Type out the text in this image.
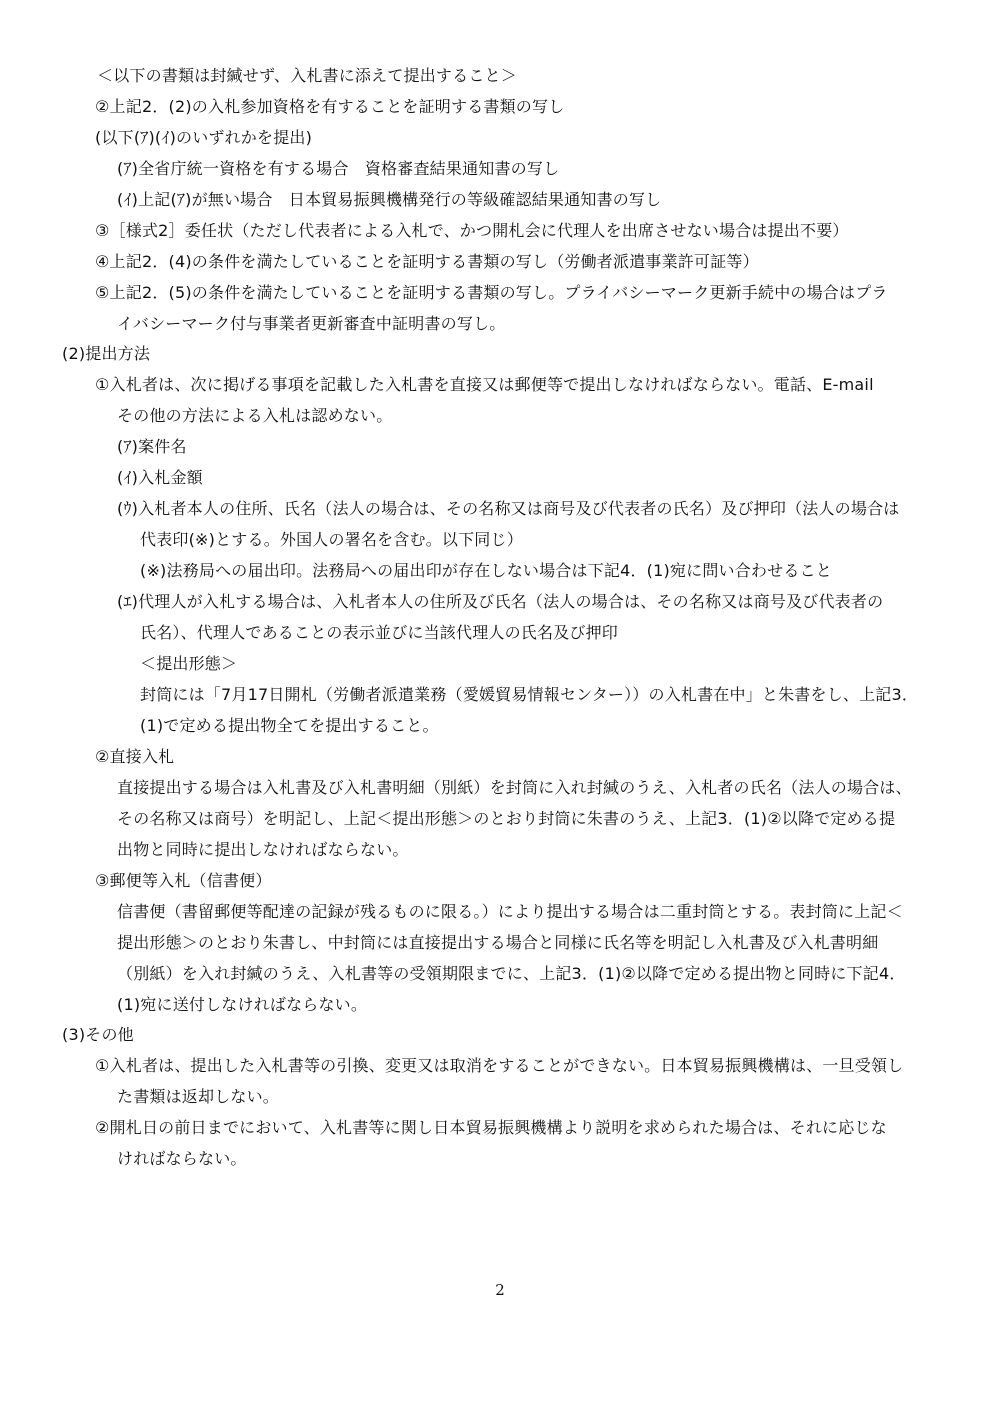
＜以下の書類は封緘せず、入札書に添えて提出すること＞
②上記2．(2)の入札参加資格を有することを証明する書類の写し
(以下(ｱ)(ｲ)のいずれかを提出)
(ｱ)全省庁統一資格を有する場合　資格審査結果通知書の写し
(ｲ)上記(ｱ)が無い場合　日本貿易振興機構発行の等級確認結果通知書の写し
③［様式2］委任状（ただし代表者による入札で、かつ開札会に代理人を出席させない場合は提出不要）
④上記2．(4)の条件を満たしていることを証明する書類の写し（労働者派遣事業許可証等）
⑤上記2．(5)の条件を満たしていることを証明する書類の写し。プライバシーマーク更新手続中の場合はプラ
イバシーマーク付与事業者更新審査中証明書の写し。
(2)提出方法
①入札者は、次に掲げる事項を記載した入札書を直接又は郵便等で提出しなければならない。電話、E-mail
その他の方法による入札は認めない。
(ｱ)案件名
(ｲ)入札金額
(ｳ)入札者本人の住所、氏名（法人の場合は、その名称又は商号及び代表者の氏名）及び押印（法人の場合は
代表印(※)とする。外国人の署名を含む。以下同じ）
(※)法務局への届出印。法務局への届出印が存在しない場合は下記4．(1)宛に問い合わせること
(ｴ)代理人が入札する場合は、入札者本人の住所及び氏名（法人の場合は、その名称又は商号及び代表者の
氏名）、代理人であることの表示並びに当該代理人の氏名及び押印
＜提出形態＞
封筒には「7月17日開札（労働者派遣業務（愛媛貿易情報センター））の入札書在中」と朱書をし、上記3．
(1)で定める提出物全てを提出すること。
②直接入札
直接提出する場合は入札書及び入札書明細（別紙）を封筒に入れ封緘のうえ、入札者の氏名（法人の場合は、
その名称又は商号）を明記し、上記＜提出形態＞のとおり封筒に朱書のうえ、上記3．(1)②以降で定める提
出物と同時に提出しなければならない。
③郵便等入札（信書便）
信書便（書留郵便等配達の記録が残るものに限る。）により提出する場合は二重封筒とする。表封筒に上記＜
提出形態＞のとおり朱書し、中封筒には直接提出する場合と同様に氏名等を明記し入札書及び入札書明細
（別紙）を入れ封緘のうえ、入札書等の受領期限までに、上記3．(1)②以降で定める提出物と同時に下記4．
(1)宛に送付しなければならない。
(3)その他
①入札者は、提出した入札書等の引換、変更又は取消をすることができない。日本貿易振興機構は、一旦受領し
た書類は返却しない。
②開札日の前日までにおいて、入札書等に関し日本貿易振興機構より説明を求められた場合は、それに応じな
ければならない。
2
